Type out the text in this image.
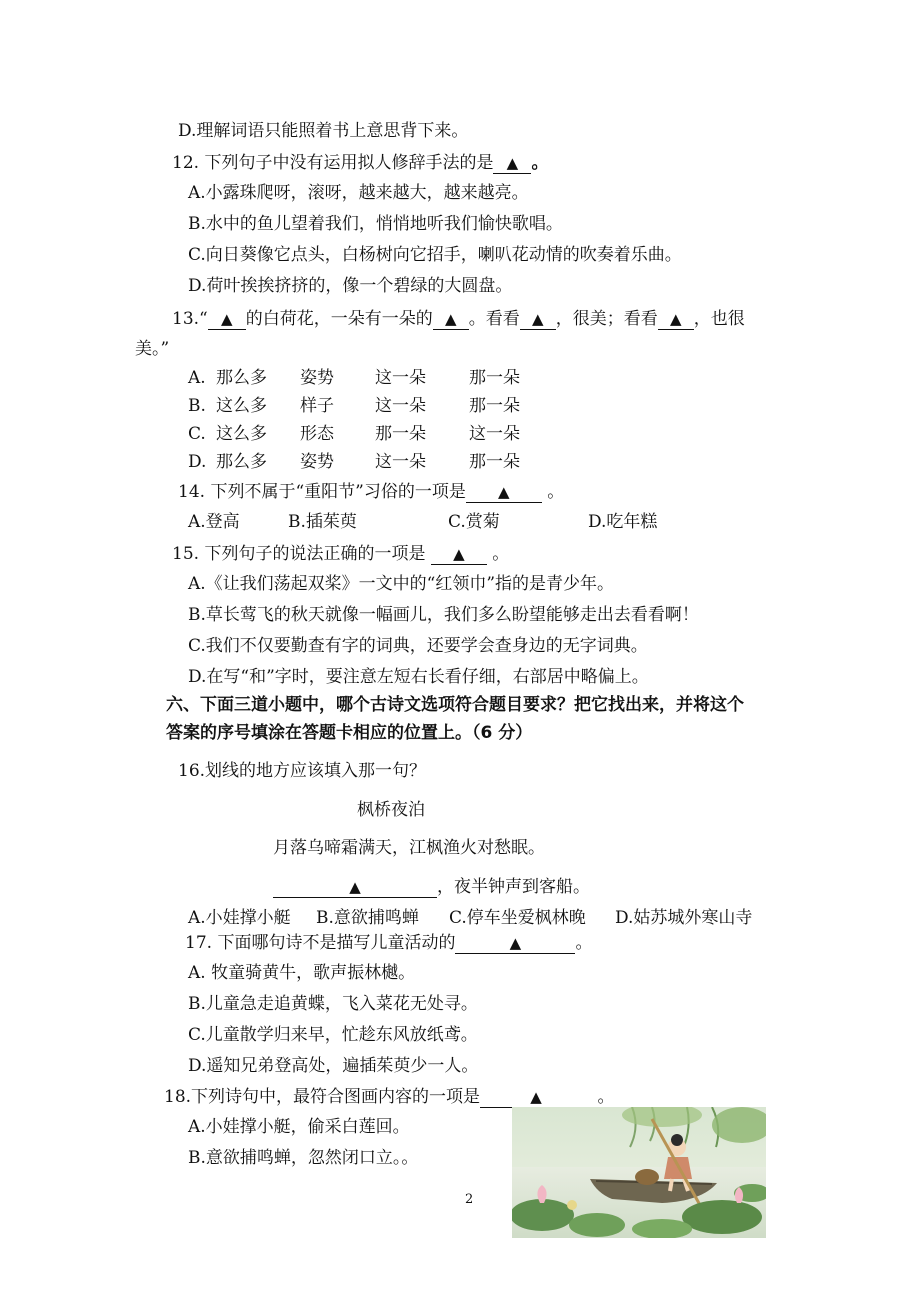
D.理解词语只能照着书上意思背下来。
12. 下列句子中没有运用拟人修辞手法的是 ▲ 。
A.小露珠爬呀，滚呀，越来越大，越来越亮。
B.水中的鱼儿望着我们，悄悄地听我们愉快歌唱。
C.向日葵像它点头，白杨树向它招手，喇叭花动情的吹奏着乐曲。
D.荷叶挨挨挤挤的，像一个碧绿的大圆盘。
13.“ ▲ 的白荷花，一朵有一朵的 ▲ 。看看 ▲ ，很美；看看 ▲ ，也很
美。”
A. 那么多 姿势 这一朵	那一朵
B. 这么多 样子 这一朵	那一朵
C. 这么多 形态 那一朵	这一朵
D. 那么多 姿势 这一朵	那一朵
14. 下列不属于“重阳节”习俗的一项是 ▲ 。
A.登高	B.插茱萸	C.赏菊	D.吃年糕
15. 下列句子的说法正确的一项是 ▲ 。
A.《让我们荡起双桨》一文中的“红领巾”指的是青少年。
B.草长莺飞的秋天就像一幅画儿，我们多么盼望能够走出去看看啊！
C.我们不仅要勤查有字的词典，还要学会查身边的无字词典。
D.在写“和”字时，要注意左短右长看仔细，右部居中略偏上。
六、下面三道小题中，哪个古诗文选项符合题目要求？把它找出来，并将这个
答案的序号填涂在答题卡相应的位置上。（6 分）
16.划线的地方应该填入那一句？
枫桥夜泊
月落乌啼霜满天，江枫渔火对愁眠。
▲	，夜半钟声到客船。
A.小娃撑小艇 B.意欲捕鸣蝉 C.停车坐爱枫林晚 D.姑苏城外寒山寺
17. 下面哪句诗不是描写儿童活动的	▲	。
A. 牧童骑黄牛，歌声振林樾。
B.儿童急走追黄蝶，飞入菜花无处寻。
C.儿童散学归来早，忙趁东风放纸鸢。
D.遥知兄弟登高处，遍插茱萸少一人。
18.下列诗句中，最符合图画内容的一项是	▲	。
A.小娃撑小艇，偷采白莲回。
B.意欲捕鸣蝉，忽然闭口立。。
2
